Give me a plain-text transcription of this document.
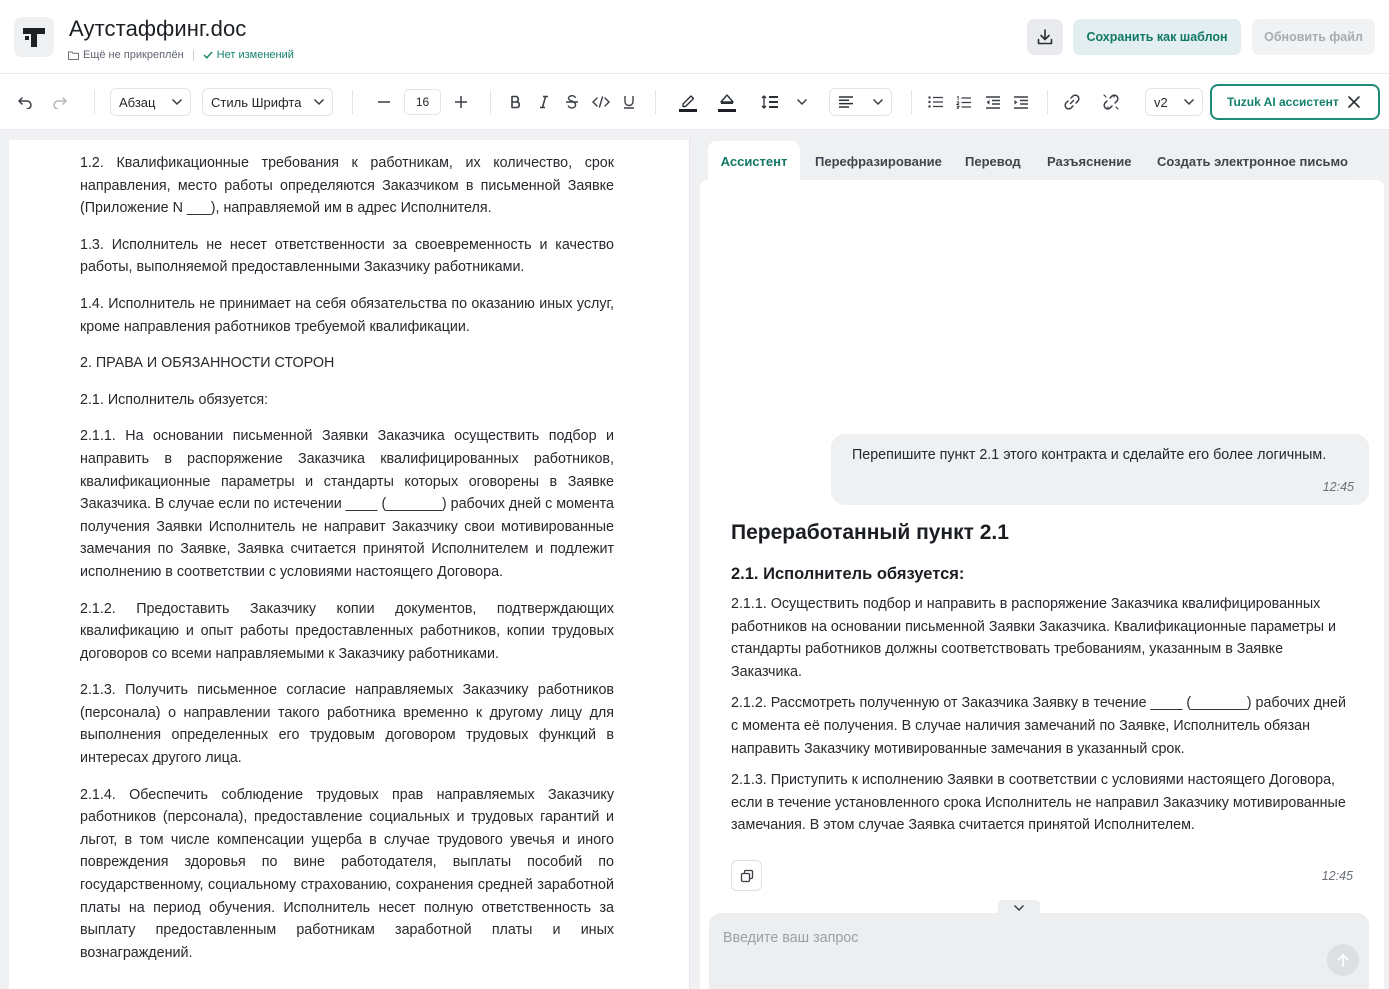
Аутстаффинг.doc
Ещё не прикреплён	Нет изменений
Сохранить как шаблон	Обновить файл
Абзац	Стиль Шрифта	16	v2	Tuzuk AI ассистент

1.2. Квалификационные требования к работникам, их количество, срок направления, место работы определяются Заказчиком в письменной Заявке (Приложение N ___), направляемой им в адрес Исполнителя.

1.3. Исполнитель не несет ответственности за своевременность и качество работы, выполняемой предоставленными Заказчику работниками.

1.4. Исполнитель не принимает на себя обязательства по оказанию иных услуг, кроме направления работников требуемой квалификации.

2. ПРАВА И ОБЯЗАННОСТИ СТОРОН

2.1. Исполнитель обязуется:

2.1.1. На основании письменной Заявки Заказчика осуществить подбор и направить в распоряжение Заказчика квалифицированных работников, квалификационные параметры и стандарты которых оговорены в Заявке Заказчика. В случае если по истечении ____ (_______) рабочих дней с момента получения Заявки Исполнитель не направит Заказчику свои мотивированные замечания по Заявке, Заявка считается принятой Исполнителем и подлежит исполнению в соответствии с условиями настоящего Договора.

2.1.2. Предоставить Заказчику копии документов, подтверждающих квалификацию и опыт работы предоставленных работников, копии трудовых договоров со всеми направляемыми к Заказчику работниками.

2.1.3. Получить письменное согласие направляемых Заказчику работников (персонала) о направлении такого работника временно к другому лицу для выполнения определенных его трудовым договором трудовых функций в интересах другого лица.

2.1.4. Обеспечить соблюдение трудовых прав направляемых Заказчику работников (персонала), предоставление социальных и трудовых гарантий и льгот, в том числе компенсации ущерба в случае трудового увечья и иного повреждения здоровья по вине работодателя, выплаты пособий по государственному, социальному страхованию, сохранения средней заработной платы на период обучения. Исполнитель несет полную ответственность за выплату предоставленным работникам заработной платы и иных вознаграждений.

Ассистент	Перефразирование Перевод Разъяснение Создать электронное письмо
Перепишите пункт 2.1 этого контракта и сделайте его более логичным.
12:45
Переработанный пункт 2.1
2.1. Исполнитель обязуется:

2.1.1. Осуществить подбор и направить в распоряжение Заказчика квалифицированных работников на основании письменной Заявки Заказчика. Квалификационные параметры и стандарты работников должны соответствовать требованиям, указанным в Заявке Заказчика.

2.1.2. Рассмотреть полученную от Заказчика Заявку в течение ____ (_______) рабочих дней с момента её получения. В случае наличия замечаний по Заявке, Исполнитель обязан направить Заказчику мотивированные замечания в указанный срок.

2.1.3. Приступить к исполнению Заявки в соответствии с условиями настоящего Договора, если в течение установленного срока Исполнитель не направил Заказчику мотивированные замечания. В этом случае Заявка считается принятой Исполнителем.

12:45
Введите ваш запрос
